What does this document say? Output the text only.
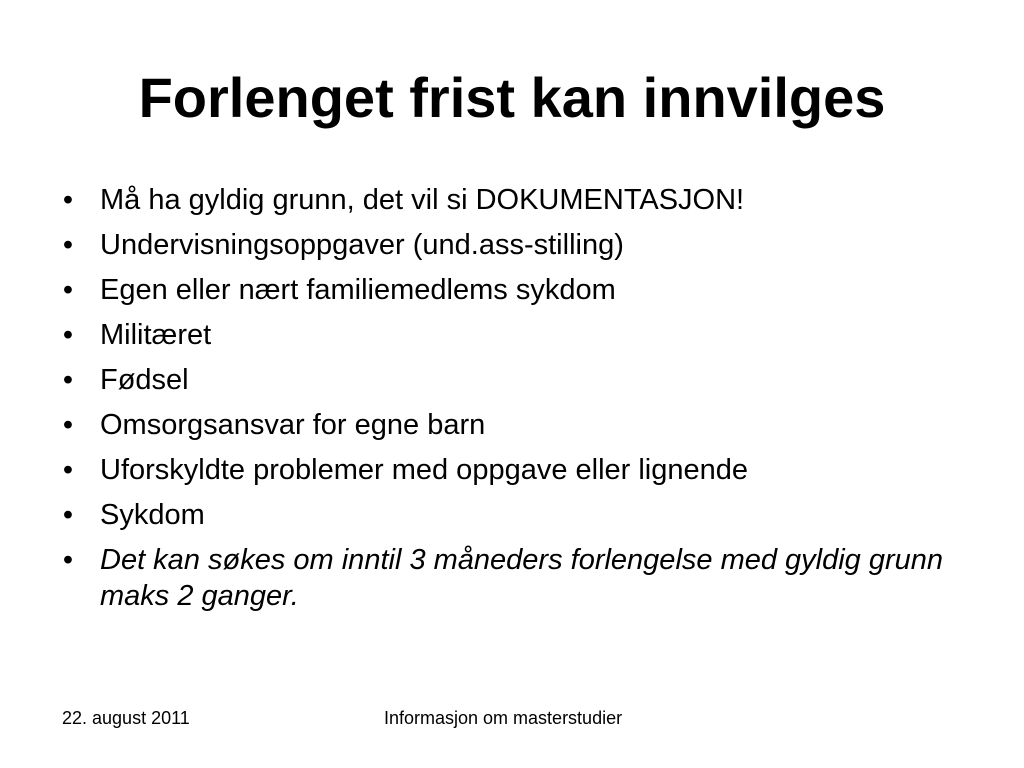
Forlenget frist kan innvilges
• Må ha gyldig grunn, det vil si DOKUMENTASJON!
• Undervisningsoppgaver (und.ass-stilling)
• Egen eller nært familiemedlems sykdom
• Militæret
• Fødsel
• Omsorgsansvar for egne barn
• Uforskyldte problemer med oppgave eller lignende
• Sykdom
• Det kan søkes om inntil 3 måneders forlengelse med gyldig grunn maks 2 ganger.
22. august 2011	Informasjon om masterstudier
